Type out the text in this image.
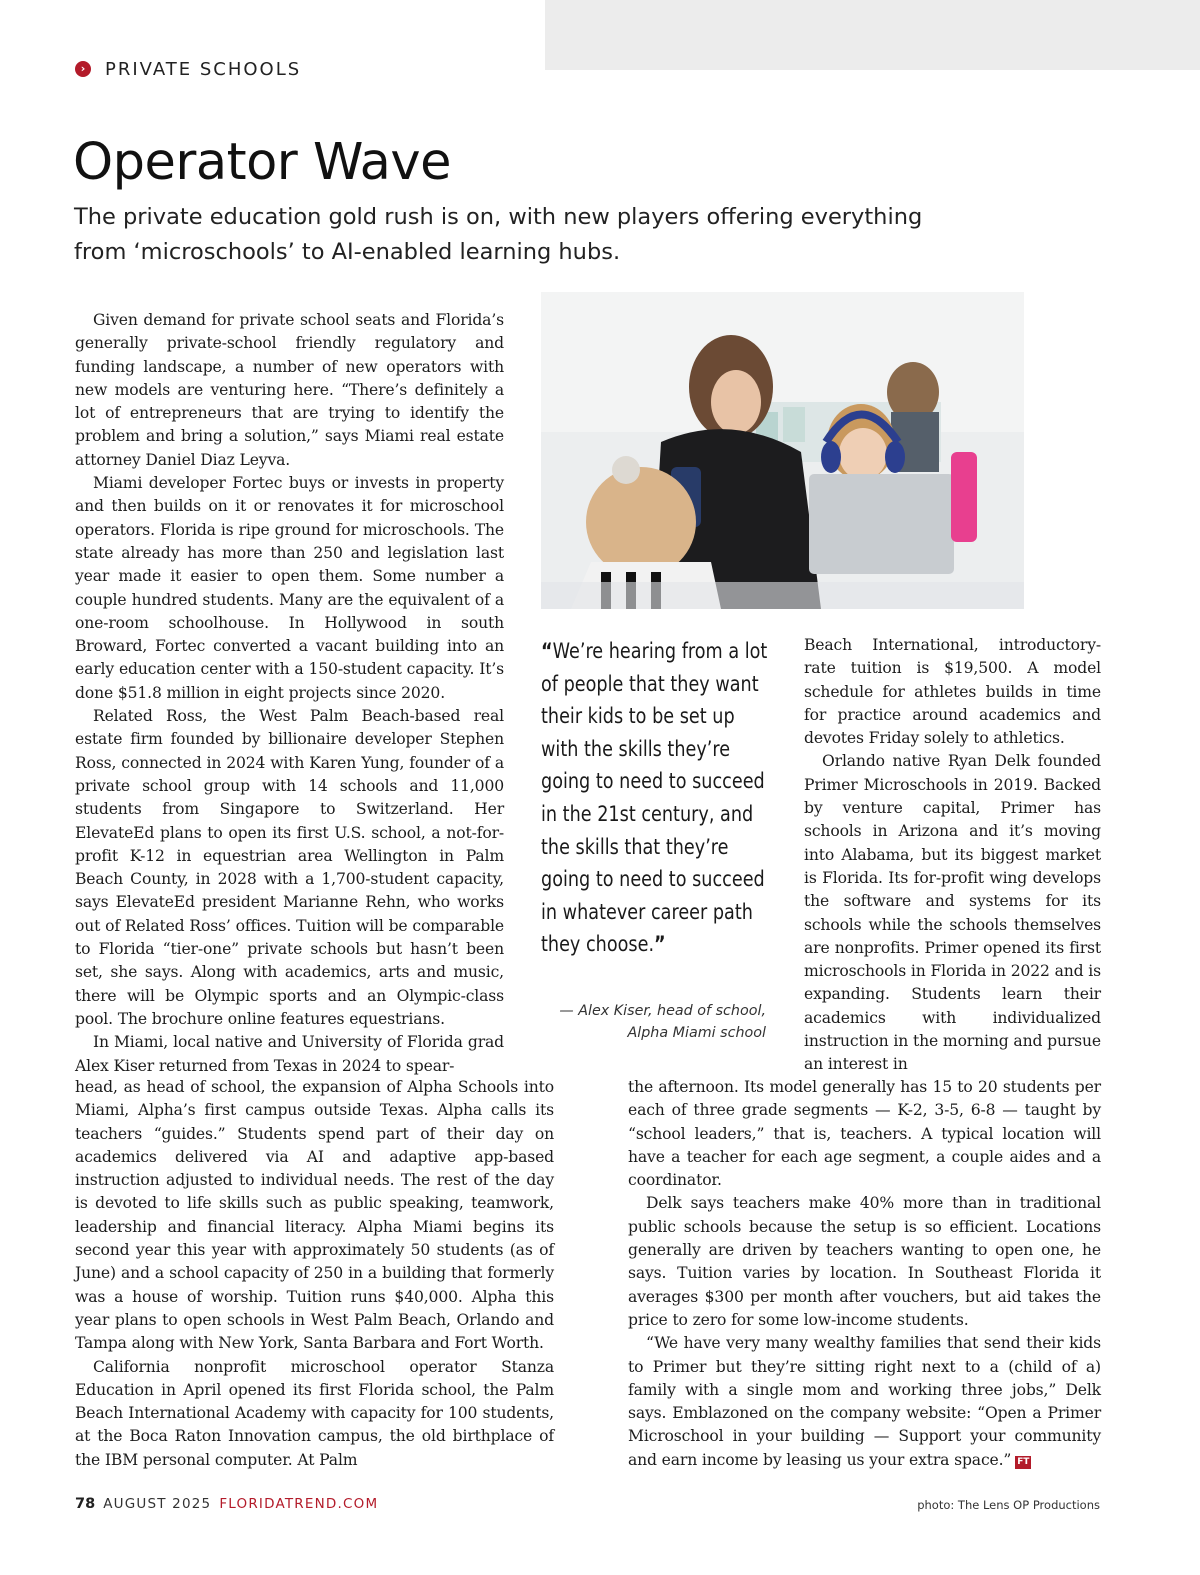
›	PRIVATE SCHOOLS
Operator Wave
The private education gold rush is on, with new players offering everything from ‘microschools’ to AI-enabled learning hubs.

Given demand for private school seats and Florida’s generally private-school friendly regulatory and funding landscape, a number of new operators with new models are venturing here. “There’s definitely a lot of entrepreneurs that are trying to identify the problem and bring a solution,” says Miami real estate attorney Daniel Diaz Leyva.

Miami developer Fortec buys or invests in property and then builds on it or renovates it for microschool operators. Florida is ripe ground for microschools. The state already has more than 250 and legislation last year made it easier to open them. Some number a couple hundred students. Many are the equivalent of a one-room schoolhouse. In Hollywood in south Broward, Fortec converted a vacant building into an early education center with a 150-student capacity. It’s done $51.8 million in eight projects since 2020.

Related Ross, the West Palm Beach-based real estate firm founded by billionaire developer Stephen Ross, connected in 2024 with Karen Yung, founder of a private school group with 14 schools and 11,000 students from Singapore to Switzerland. Her ElevateEd plans to open its first U.S. school, a not-for-profit K-12 in equestrian area Wellington in Palm Beach County, in 2028 with a 1,700-student capacity, says ElevateEd president Marianne Rehn, who works out of Related Ross’ offices. Tuition will be comparable to Florida “tier-one” private schools but hasn’t been set, she says. Along with academics, arts and music, there will be Olympic sports and an Olympic-class pool. The brochure online features equestrians.

In Miami, local native and University of Florida grad Alex Kiser returned from Texas in 2024 to spear-

head, as head of school, the expansion of Alpha Schools into Miami, Alpha’s first campus outside Texas. Alpha calls its teachers “guides.” Students spend part of their day on academics delivered via AI and adaptive app-based instruction adjusted to individual needs. The rest of the day is devoted to life skills such as public speaking, teamwork, leadership and financial literacy. Alpha Miami begins its second year this year with approximately 50 students (as of June) and a school capacity of 250 in a building that formerly was a house of worship. Tuition runs $40,000. Alpha this year plans to open schools in West Palm Beach, Orlando and Tampa along with New York, Santa Barbara and Fort Worth.

California nonprofit microschool operator Stanza Education in April opened its first Florida school, the Palm Beach International Academy with capacity for 100 students, at the Boca Raton Innovation campus, the old birthplace of the IBM personal computer. At Palm

“We’re hearing from a lot of people that they want their kids to be set up with the skills they’re going to need to succeed in the 21st century, and the skills that they’re going to need to succeed in whatever career path they choose.”
— Alex Kiser, head of school,
Alpha Miami school

Beach International, introductory-rate tuition is $19,500. A model schedule for athletes builds in time for practice around academics and devotes Friday solely to athletics.

Orlando native Ryan Delk founded Primer Microschools in 2019. Backed by venture capital, Primer has schools in Arizona and it’s moving into Alabama, but its biggest market is Florida. Its for-profit wing develops the software and systems for its schools while the schools themselves are nonprofits. Primer opened its first microschools in Florida in 2022 and is expanding. Students learn their academics with individualized instruction in the morning and pursue an interest in

the afternoon. Its model generally has 15 to 20 students per each of three grade segments — K-2, 3-5, 6-8 — taught by “school leaders,” that is, teachers. A typical location will have a teacher for each age segment, a couple aides and a coordinator.

Delk says teachers make 40% more than in traditional public schools because the setup is so efficient. Locations generally are driven by teachers wanting to open one, he says. Tuition varies by location. In Southeast Florida it averages $300 per month after vouchers, but aid takes the price to zero for some low-income students.

“We have very many wealthy families that send their kids to Primer but they’re sitting right next to a (child of a) family with a single mom and working three jobs,” Delk says. Emblazoned on the company website: “Open a Primer Microschool in your building — Support your community and earn income by leasing us your extra space.” FT

78 AUGUST 2025 FLORIDATREND.COM	photo: The Lens OP Productions
